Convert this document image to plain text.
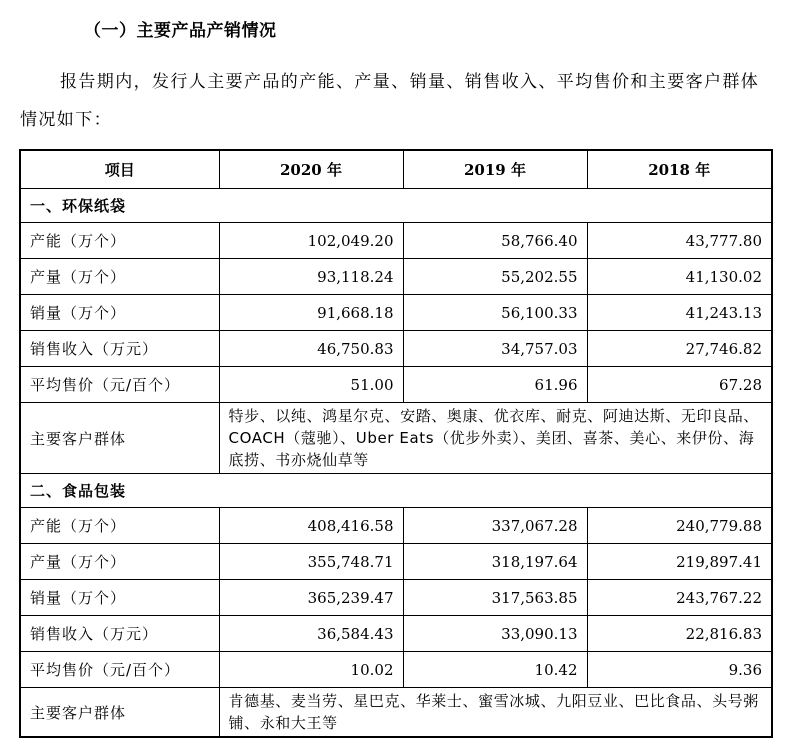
（一）主要产品产销情况
报告期内，发行人主要产品的产能、产量、销量、销售收入、平均售价和主要客户群体情况如下：
项目	2020 年	2019 年	2018 年
一、环保纸袋			
产能（万个）	102,049.20	58,766.40	43,777.80
产量（万个）	93,118.24	55,202.55	41,130.02
销量（万个）	91,668.18	56,100.33	41,243.13
销售收入（万元）	46,750.83	34,757.03	27,746.82
平均售价（元/百个）	51.00	61.96	67.28
主要客户群体	特步、以纯、鸿星尔克、安踏、奥康、优衣库、耐克、阿迪达斯、无印良品、COACH（蔻驰）、Uber Eats（优步外卖）、美团、喜茶、美心、来伊份、海底捞、书亦烧仙草等		
二、食品包装			
产能（万个）	408,416.58	337,067.28	240,779.88
产量（万个）	355,748.71	318,197.64	219,897.41
销量（万个）	365,239.47	317,563.85	243,767.22
销售收入（万元）	36,584.43	33,090.13	22,816.83
平均售价（元/百个）	10.02	10.42	9.36
主要客户群体	肯德基、麦当劳、星巴克、华莱士、蜜雪冰城、九阳豆业、巴比食品、头号粥铺、永和大王等		
